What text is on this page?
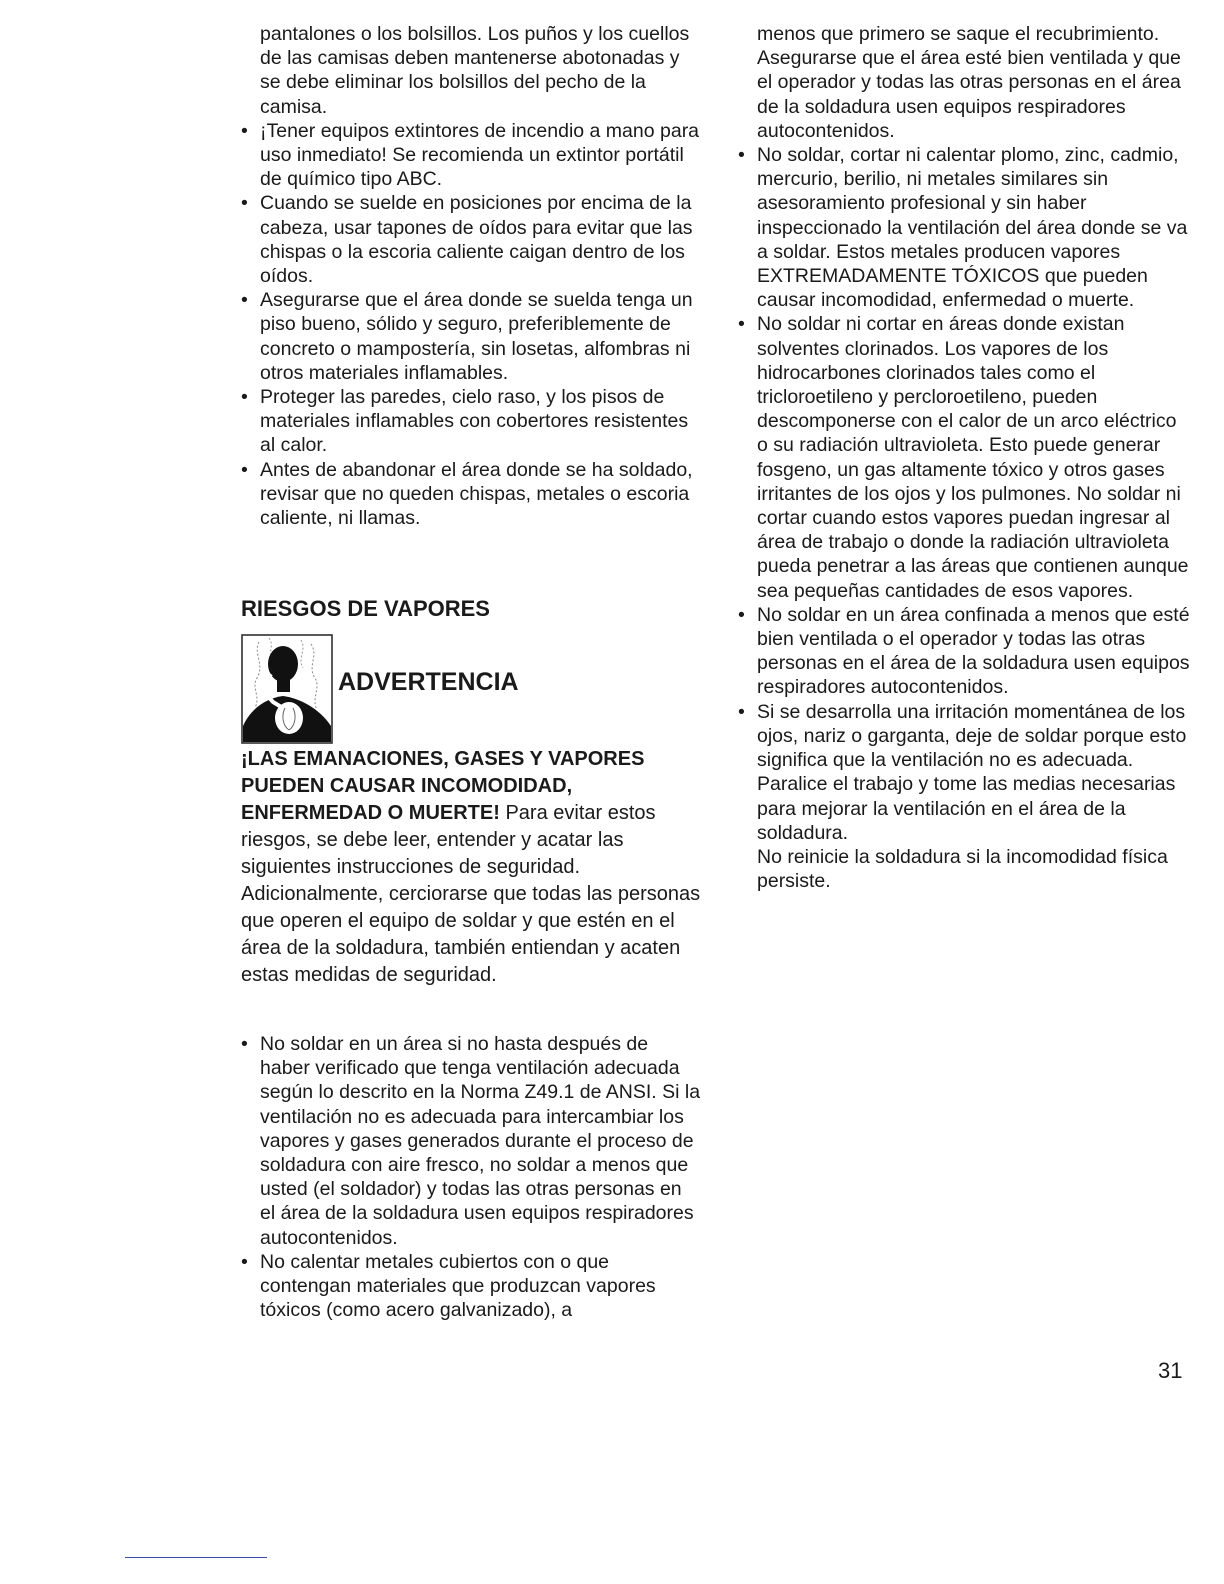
pantalones o los bolsillos. Los puños y los cuellos de las camisas deben mantenerse abotonadas y se debe eliminar los bolsillos del pecho de la camisa.

• ¡Tener equipos extintores de incendio a mano para uso inmediato! Se recomienda un extintor portátil de químico tipo ABC.
• Cuando se suelde en posiciones por encima de la cabeza, usar tapones de oídos para evitar que las chispas o la escoria caliente caigan dentro de los oídos.
• Asegurarse que el área donde se suelda tenga un piso bueno, sólido y seguro, preferiblemente de concreto o mampostería, sin losetas, alfombras ni otros materiales inflamables.
• Proteger las paredes, cielo raso, y los pisos de materiales inflamables con cobertores resistentes al calor.
• Antes de abandonar el área donde se ha soldado, revisar que no queden chispas, metales o escoria caliente, ni llamas.
RIESGOS DE VAPORES

ADVERTENCIA

¡LAS EMANACIONES, GASES Y VAPORES PUEDEN CAUSAR INCOMODIDAD, ENFERMEDAD O MUERTE! Para evitar estos riesgos, se debe leer, entender y acatar las siguientes instrucciones de seguridad. Adicionalmente, cerciorarse que todas las personas que operen el equipo de soldar y que estén en el área de la soldadura, también entiendan y acaten estas medidas de seguridad.

• No soldar en un área si no hasta después de haber verificado que tenga ventilación adecuada según lo descrito en la Norma Z49.1 de ANSI. Si la ventilación no es adecuada para intercambiar los vapores y gases generados durante el proceso de soldadura con aire fresco, no soldar a menos que usted (el soldador) y todas las otras personas en el área de la soldadura usen equipos respiradores autocontenidos.
• No calentar metales cubiertos con o que contengan materiales que produzcan vapores tóxicos (como acero galvanizado), a

menos que primero se saque el recubrimiento. Asegurarse que el área esté bien ventilada y que el operador y todas las otras personas en el área de la soldadura usen equipos respiradores autocontenidos.

• No soldar, cortar ni calentar plomo, zinc, cadmio, mercurio, berilio, ni metales similares sin asesoramiento profesional y sin haber inspeccionado la ventilación del área donde se va a soldar. Estos metales producen vapores EXTREMADAMENTE TÓXICOS que pueden causar incomodidad, enfermedad o muerte.
• No soldar ni cortar en áreas donde existan solventes clorinados. Los vapores de los hidrocarbones clorinados tales como el tricloroetileno y percloroetileno, pueden descomponerse con el calor de un arco eléctrico o su radiación ultravioleta. Esto puede generar fosgeno, un gas altamente tóxico y otros gases irritantes de los ojos y los pulmones. No soldar ni cortar cuando estos vapores puedan ingresar al área de trabajo o donde la radiación ultravioleta pueda penetrar a las áreas que contienen aunque sea pequeñas cantidades de esos vapores.
• No soldar en un área confinada a menos que esté bien ventilada o el operador y todas las otras personas en el área de la soldadura usen equipos respiradores autocontenidos.
• Si se desarrolla una irritación momentánea de los ojos, nariz o garganta, deje de soldar porque esto significa que la ventilación no es adecuada. Paralice el trabajo y tome las medias necesarias para mejorar la ventilación en el área de la soldadura.

No reinicie la soldadura si la incomodidad física persiste.

31
